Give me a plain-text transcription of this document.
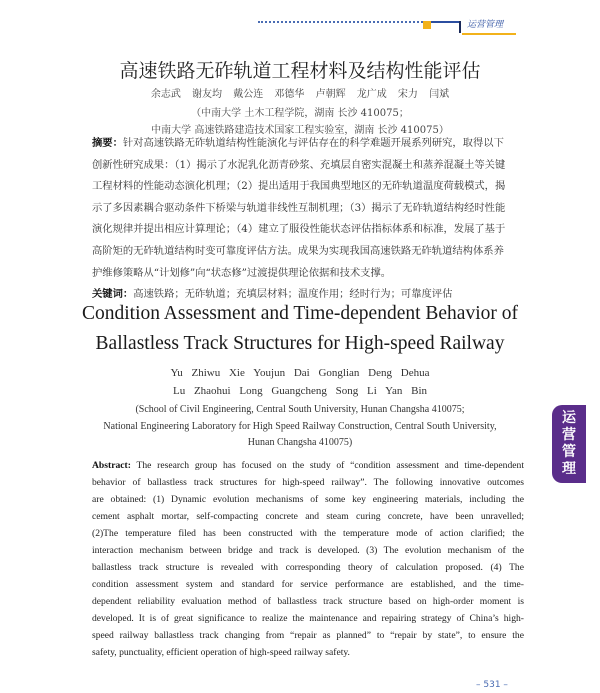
运营管理
高速铁路无砟轨道工程材料及结构性能评估
余志武 谢友均 戴公连 邓德华 卢朝辉 龙广成 宋力 闫斌
（中南大学 土木工程学院，湖南 长沙 410075；
中南大学 高速铁路建造技术国家工程实验室，湖南 长沙 410075）
摘要：针对高速铁路无砟轨道结构性能演化与评估存在的科学难题开展系列研究，取得以下
创新性研究成果：（1）揭示了水泥乳化沥青砂浆、充填层自密实混凝土和蒸养混凝土等关键
工程材料的性能动态演化机理；（2）提出适用于我国典型地区的无砟轨道温度荷载模式，揭
示了多因素耦合驱动条件下桥梁与轨道非线性互制机理；（3）揭示了无砟轨道结构经时性能
演化规律并提出相应计算理论；（4）建立了服役性能状态评估指标体系和标准，发展了基于
高阶矩的无砟轨道结构时变可靠度评估方法。成果为实现我国高速铁路无砟轨道结构体系养
护维修策略从“计划修”向“状态修”过渡提供理论依据和技术支撑。
关键词：高速铁路；无砟轨道；充填层材料；温度作用；经时行为；可靠度评估
Condition Assessment and Time-dependent Behavior of
Ballastless Track Structures for High-speed Railway
Yu Zhiwu Xie Youjun Dai Gonglian Deng Dehua
Lu Zhaohui Long Guangcheng Song Li Yan Bin
(School of Civil Engineering, Central South University, Hunan Changsha 410075;
National Engineering Laboratory for High Speed Railway Construction, Central South University,
Hunan Changsha 410075)
Abstract: The research group has focused on the study of “condition assessment and time-dependent
behavior of ballastless track structures for high-speed railway”. The following innovative outcomes
are obtained: (1) Dynamic evolution mechanisms of some key engineering materials, including the
cement asphalt mortar, self-compacting concrete and steam curing concrete, have been unravelled;
(2)The temperature filed has been constructed with the temperature mode of action clarified; the
interaction mechanism between bridge and track is developed. (3) The evolution mechanism of the
ballastless track structure is revealed with corresponding theory of calculation proposed. (4) The
condition assessment system and standard for service performance are established, and the time-
dependent reliability evaluation method of ballastless track structure based on high-order moment is
developed. It is of great significance to realize the maintenance and repairing strategy of China’s high-
speed railway ballastless track changing from “repair as planned” to “repair by state”, to ensure the
safety, punctuality, efficient operation of high-speed railway safety.
运
营
管
理
– 531 –
